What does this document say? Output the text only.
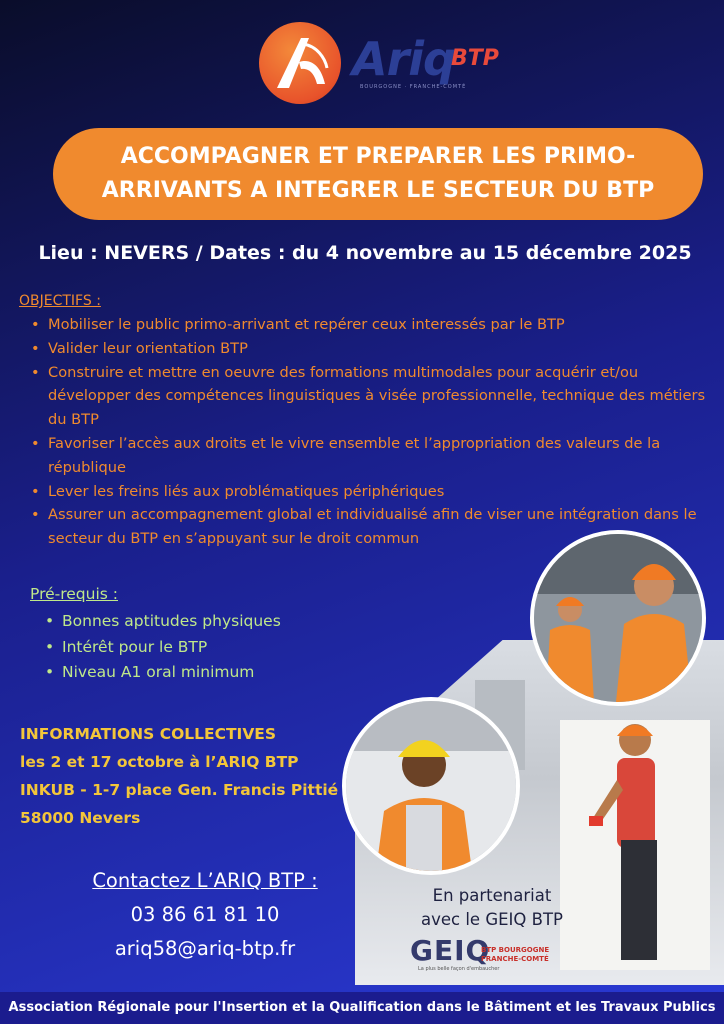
Ariq
BTP
BOURGOGNE · FRANCHE-COMTÉ
ACCOMPAGNER ET PREPARER LES PRIMO-ARRIVANTS A INTEGRER LE SECTEUR DU BTP
Lieu : NEVERS / Dates : du 4 novembre au 15 décembre 2025
OBJECTIFS :
• Mobiliser le public primo-arrivant et repérer ceux interessés par le BTP
• Valider leur orientation BTP
• Construire et mettre en oeuvre des formations multimodales pour acquérir et/ou développer des compétences linguistiques à visée professionnelle, technique des métiers du BTP
• Favoriser l’accès aux droits et le vivre ensemble et l’appropriation des valeurs de la république
• Lever les freins liés aux problématiques périphériques
• Assurer un accompagnement global et individualisé afin de viser une intégration dans le secteur du BTP en s’appuyant sur le droit commun
Pré-requis :
• Bonnes aptitudes physiques
• Intérêt pour le BTP
• Niveau A1 oral minimum
INFORMATIONS COLLECTIVES
les 2 et 17 octobre à l’ARIQ BTP
INKUB - 1-7 place Gen. Francis Pittié
58000 Nevers
Contactez L’ARIQ BTP :
03 86 61 81 10
ariq58@ariq-btp.fr
En partenariat
avec le GEIQ BTP
GEIQ
BTP BOURGOGNE
FRANCHE-COMTÉ
La plus belle façon d'embaucher
Association Régionale pour l'Insertion et la Qualification dans le Bâtiment et les Travaux Publics
